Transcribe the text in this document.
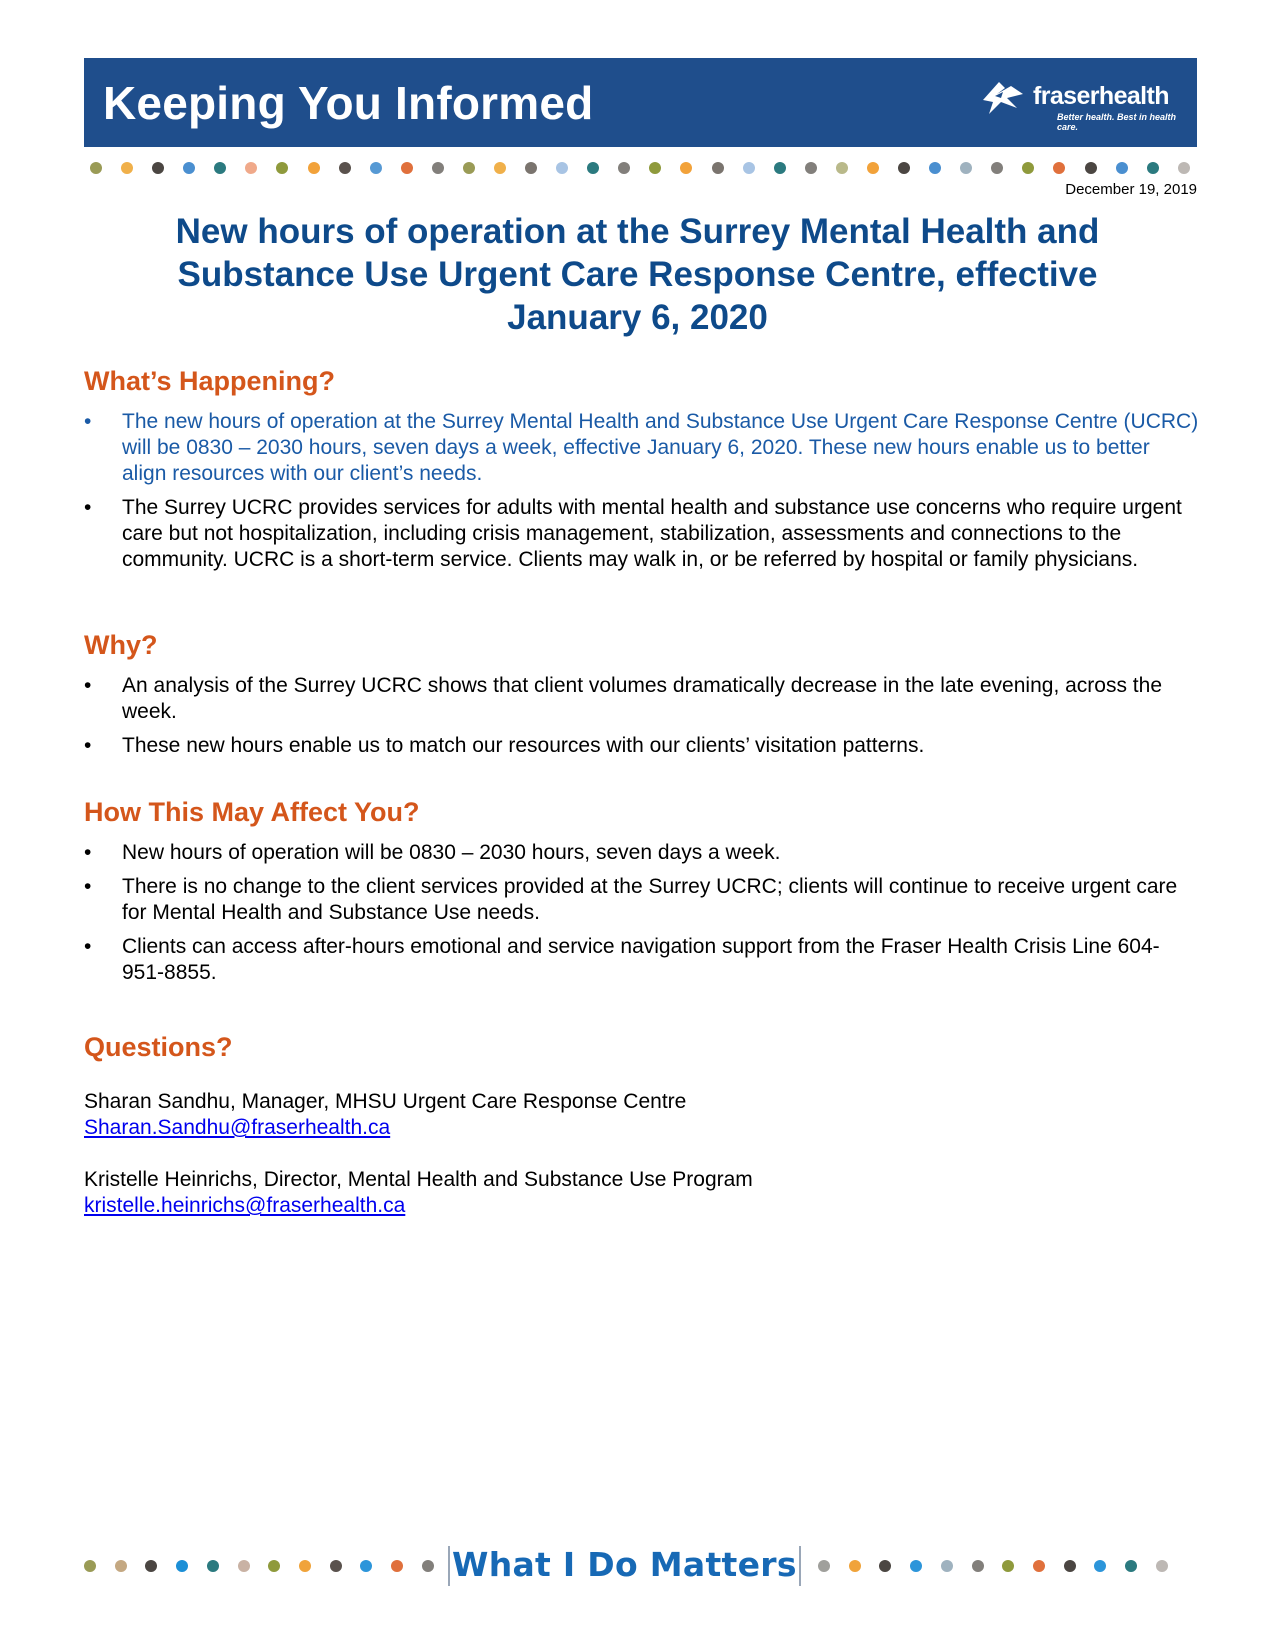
Keeping You Informed	fraserhealth
Better health. Best in health care.
December 19, 2019
New hours of operation at the Surrey Mental Health and Substance Use Urgent Care Response Centre, effective January 6, 2020
What’s Happening?
• The new hours of operation at the Surrey Mental Health and Substance Use Urgent Care Response Centre (UCRC) will be 0830 – 2030 hours, seven days a week, effective January 6, 2020. These new hours enable us to better align resources with our client’s needs.
• The Surrey UCRC provides services for adults with mental health and substance use concerns who require urgent care but not hospitalization, including crisis management, stabilization, assessments and connections to the community. UCRC is a short-term service. Clients may walk in, or be referred by hospital or family physicians.
Why?
• An analysis of the Surrey UCRC shows that client volumes dramatically decrease in the late evening, across the week.
• These new hours enable us to match our resources with our clients’ visitation patterns.
How This May Affect You?
• New hours of operation will be 0830 – 2030 hours, seven days a week.
• There is no change to the client services provided at the Surrey UCRC; clients will continue to receive urgent care for Mental Health and Substance Use needs.
• Clients can access after-hours emotional and service navigation support from the Fraser Health Crisis Line 604-951-8855.
Questions?
Sharan Sandhu, Manager, MHSU Urgent Care Response Centre
Sharan.Sandhu@fraserhealth.ca
Kristelle Heinrichs, Director, Mental Health and Substance Use Program
kristelle.heinrichs@fraserhealth.ca
What I Do Matters
